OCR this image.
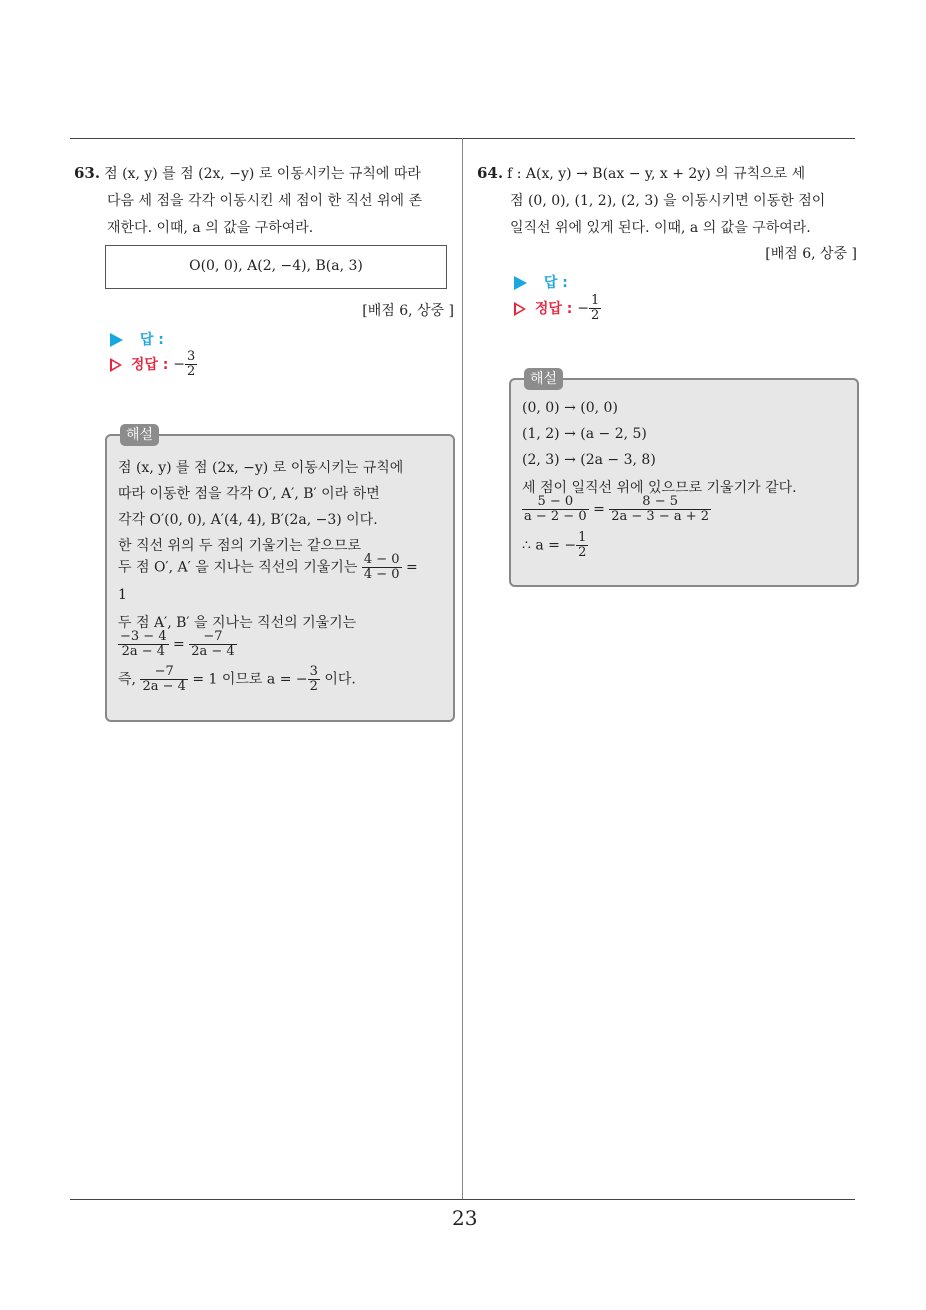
23
63. 점 (x, y) 를 점 (2x, −y) 로 이동시키는 규칙에 따라
다음 세 점을 각각 이동시킨 세 점이 한 직선 위에 존
재한다. 이때, a 의 값을 구하여라.
O(0, 0), A(2, −4), B(a, 3)
[배점 6, 상중 ]
답 :
정답 : − $\frac{3}{2}$
해설
점 (x, y) 를 점 (2x, −y) 로 이동시키는 규칙에
따라 이동한 점을 각각 O′, A′, B′ 이라 하면
각각 O′(0, 0), A′(4, 4), B′(2a, −3) 이다.
한 직선 위의 두 점의 기울기는 같으므로
두 점 O′, A′ 을 지나는 직선의 기울기는 $\frac{4 - 0}{4 - 0}$ =
1
두 점 A′, B′ 을 지나는 직선의 기울기는
$\frac{-3 - 4}{2a - 4} = \frac{-7}{2a - 4}$
즉, $\frac{-7}{2a - 4} = 1$ 이므로 a = − $\frac{3}{2}$ 이다.
64. f : A(x, y) → B(ax − y, x + 2y) 의 규칙으로 세
점 (0, 0), (1, 2), (2, 3) 을 이동시키면 이동한 점이
일직선 위에 있게 된다. 이때, a 의 값을 구하여라.
[배점 6, 상중 ]
답 :
정답 : − $\frac{1}{2}$
해설
(0, 0) → (0, 0)
(1, 2) → (a − 2, 5)
(2, 3) → (2a − 3, 8)
세 점이 일직선 위에 있으므로 기울기가 같다.
$\frac{5 - 0}{a - 2 - 0} = \frac{8 - 5}{2a - 3 - a + 2}$
∴ a = − $\frac{1}{2}$
